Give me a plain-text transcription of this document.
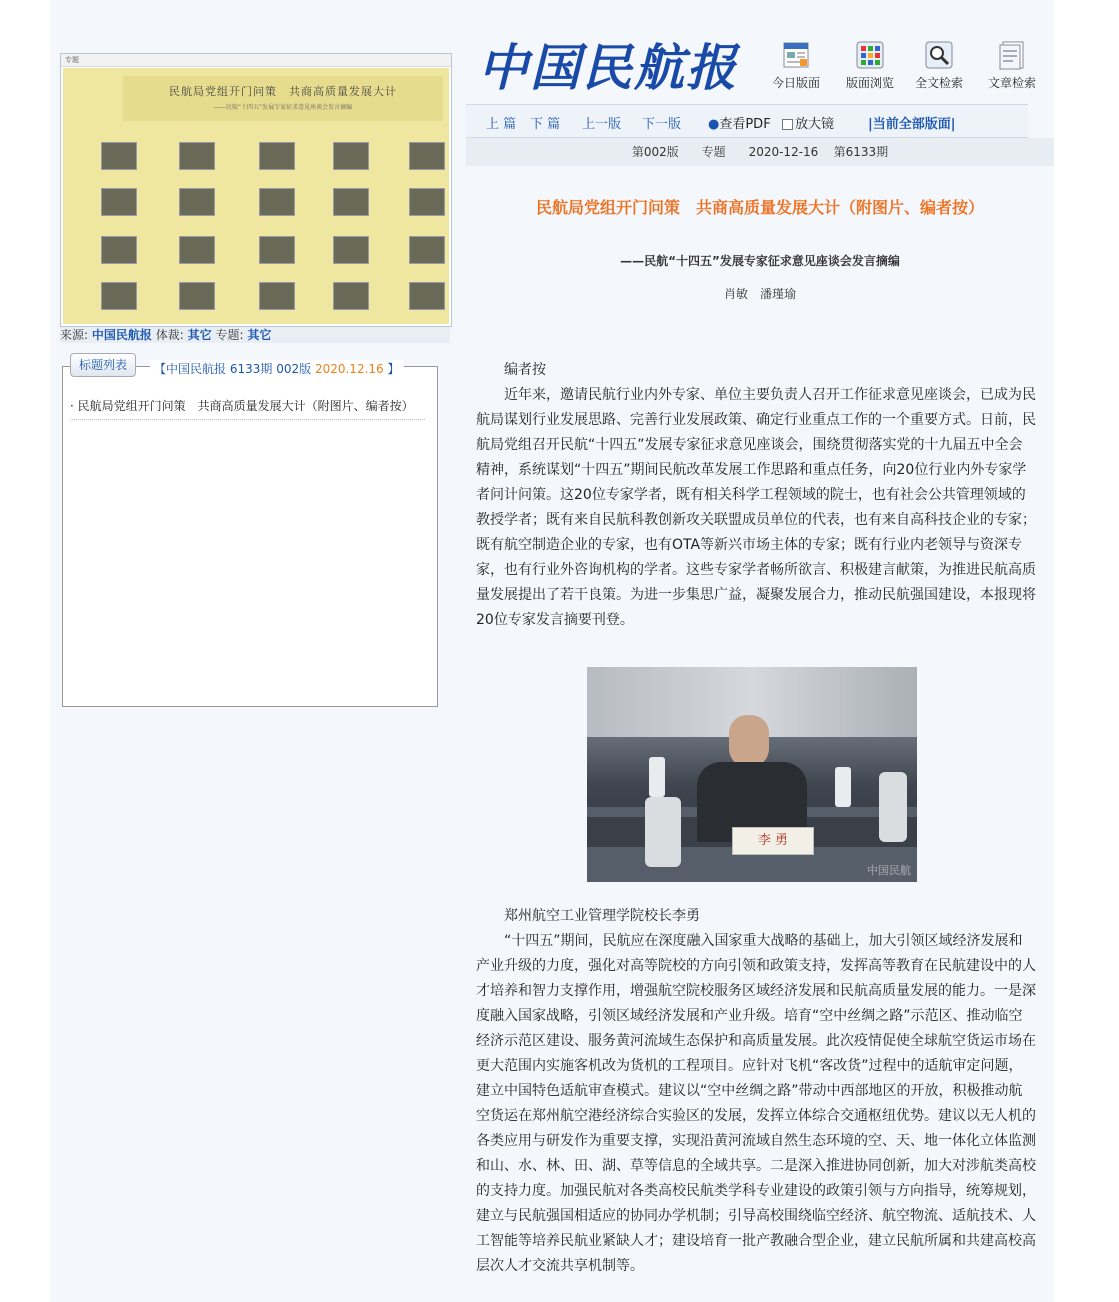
专题
民航局党组开门问策　共商高质量发展大计
——民航“十四五”发展专家征求意见座谈会发言摘编
来源: 中国民航报 体裁: 其它 专题: 其它
标题列表	【中国民航报 6133期 002版 2020.12.16 】
· 民航局党组开门问策　共商高质量发展大计（附图片、编者按）
中国民航报	今日版面 版面浏览 全文检索 文章检索
上 篇 下 篇 上一版 下一版 ●查看PDF	放大镜	|当前全部版面|
第002版 专题 2020-12-16 第6133期
民航局党组开门问策　共商高质量发展大计（附图片、编者按）
——民航“十四五”发展专家征求意见座谈会发言摘编
肖敏　潘瑾瑜
编者按
近年来，邀请民航行业内外专家、单位主要负责人召开工作征求意见座谈会，已成为民航局谋划行业发展思路、完善行业发展政策、确定行业重点工作的一个重要方式。日前，民航局党组召开民航“十四五”发展专家征求意见座谈会，围绕贯彻落实党的十九届五中全会精神，系统谋划“十四五”期间民航改革发展工作思路和重点任务，向20位行业内外专家学者问计问策。这20位专家学者，既有相关科学工程领域的院士，也有社会公共管理领域的教授学者；既有来自民航科教创新攻关联盟成员单位的代表，也有来自高科技企业的专家；既有航空制造企业的专家，也有OTA等新兴市场主体的专家；既有行业内老领导与资深专家，也有行业外咨询机构的学者。这些专家学者畅所欲言、积极建言献策，为推进民航高质量发展提出了若干良策。为进一步集思广益，凝聚发展合力，推动民航强国建设，本报现将20位专家发言摘要刊登。
李 勇
中国民航
郑州航空工业管理学院校长李勇
“十四五”期间，民航应在深度融入国家重大战略的基础上，加大引领区域经济发展和产业升级的力度，强化对高等院校的方向引领和政策支持，发挥高等教育在民航建设中的人才培养和智力支撑作用，增强航空院校服务区域经济发展和民航高质量发展的能力。一是深度融入国家战略，引领区域经济发展和产业升级。培育“空中丝绸之路”示范区、推动临空经济示范区建设、服务黄河流域生态保护和高质量发展。此次疫情促使全球航空货运市场在更大范围内实施客机改为货机的工程项目。应针对飞机“客改货”过程中的适航审定问题，建立中国特色适航审查模式。建议以“空中丝绸之路”带动中西部地区的开放，积极推动航空货运在郑州航空港经济综合实验区的发展，发挥立体综合交通枢纽优势。建议以无人机的各类应用与研发作为重要支撑，实现沿黄河流域自然生态环境的空、天、地一体化立体监测和山、水、林、田、湖、草等信息的全域共享。二是深入推进协同创新，加大对涉航类高校的支持力度。加强民航对各类高校民航类学科专业建设的政策引领与方向指导，统筹规划，建立与民航强国相适应的协同办学机制；引导高校围绕临空经济、航空物流、适航技术、人工智能等培养民航业紧缺人才；建设培育一批产教融合型企业，建立民航所属和共建高校高层次人才交流共享机制等。
